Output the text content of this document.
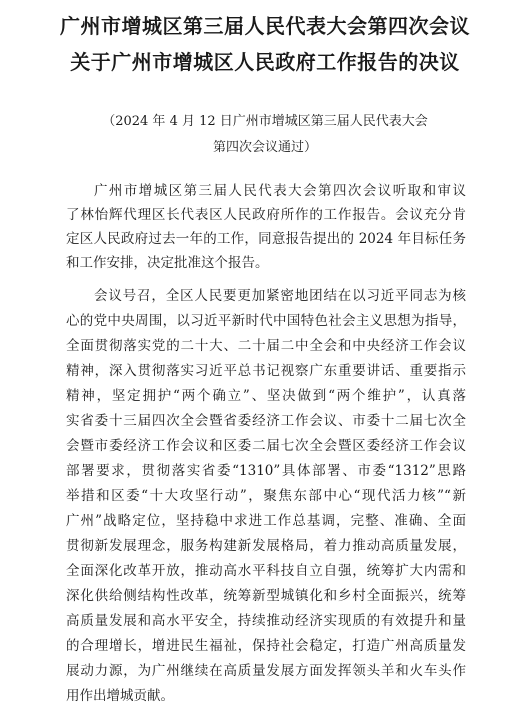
广州市增城区第三届人民代表大会第四次会议
关于广州市增城区人民政府工作报告的决议
（2024 年 4 月 12 日广州市增城区第三届人民代表大会
第四次会议通过）
广州市增城区第三届人民代表大会第四次会议听取和审议
了林怡辉代理区长代表区人民政府所作的工作报告。会议充分肯
定区人民政府过去一年的工作，同意报告提出的 2024 年目标任务
和工作安排，决定批准这个报告。
会议号召，全区人民要更加紧密地团结在以习近平同志为核
心的党中央周围，以习近平新时代中国特色社会主义思想为指导，
全面贯彻落实党的二十大、二十届二中全会和中央经济工作会议
精神，深入贯彻落实习近平总书记视察广东重要讲话、重要指示
精神，坚定拥护“两个确立”、坚决做到“两个维护”，认真落
实省委十三届四次全会暨省委经济工作会议、市委十二届七次全
会暨市委经济工作会议和区委二届七次全会暨区委经济工作会议
部署要求，贯彻落实省委“1310”具体部署、市委“1312”思路
举措和区委“十大攻坚行动”，聚焦东部中心“现代活力核”“新
广州”战略定位，坚持稳中求进工作总基调，完整、准确、全面
贯彻新发展理念，服务构建新发展格局，着力推动高质量发展，
全面深化改革开放，推动高水平科技自立自强，统筹扩大内需和
深化供给侧结构性改革，统筹新型城镇化和乡村全面振兴，统筹
高质量发展和高水平安全，持续推动经济实现质的有效提升和量
的合理增长，增进民生福祉，保持社会稳定，打造广州高质量发
展动力源，为广州继续在高质量发展方面发挥领头羊和火车头作
用作出增城贡献。
